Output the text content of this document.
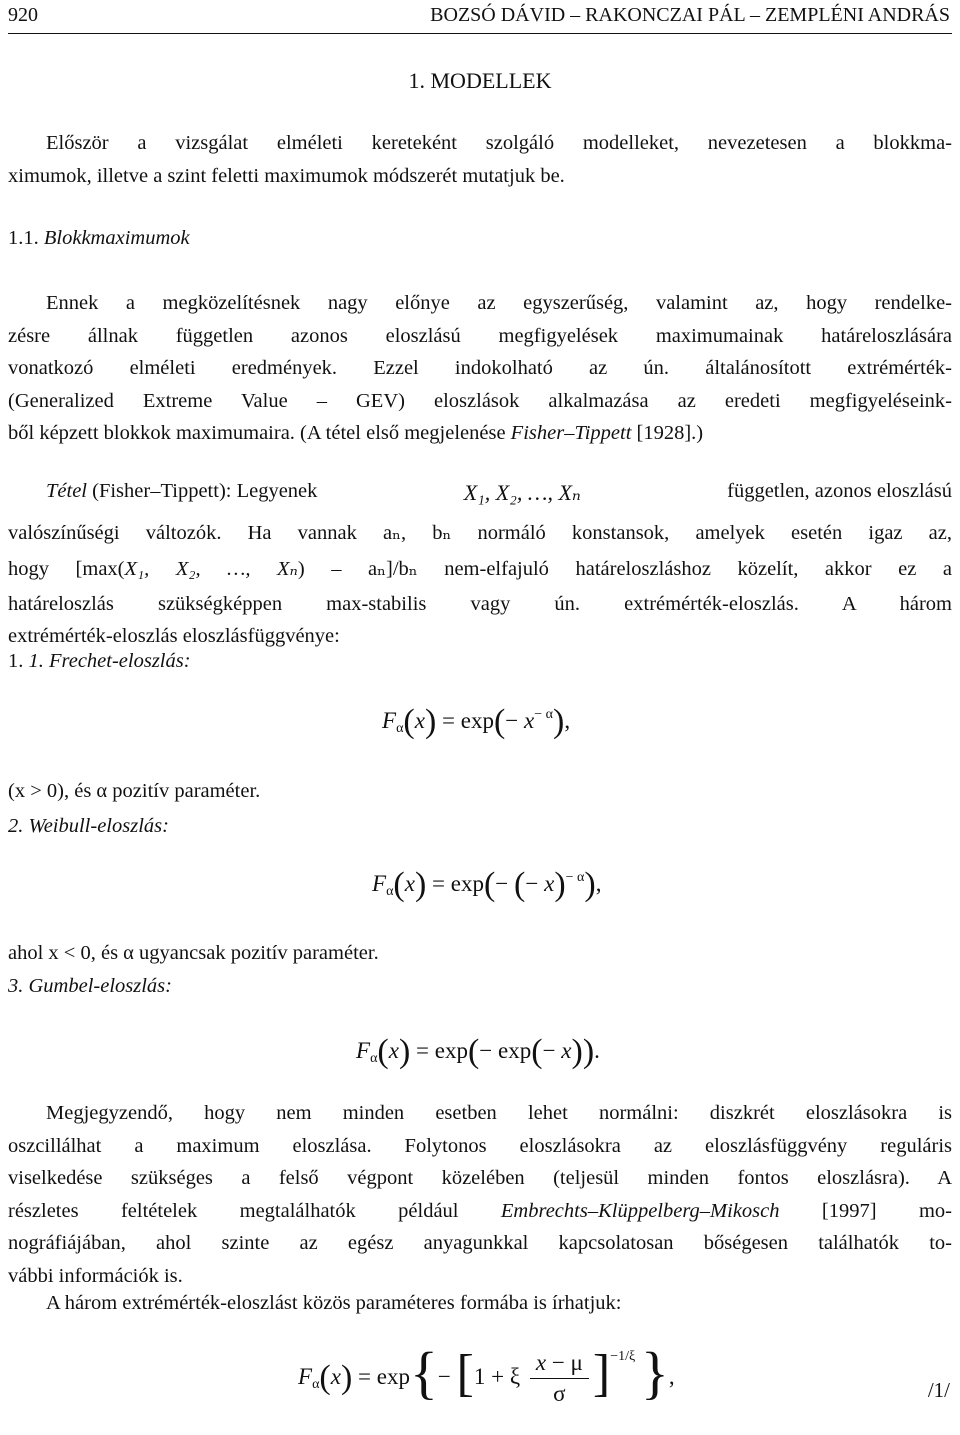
920	BOZSÓ DÁVID – RAKONCZAI PÁL – ZEMPLÉNI ANDRÁS
1. MODELLEK
Először a vizsgálat elméleti kereteként szolgáló modelleket, nevezetesen a blokkma-
ximumok, illetve a szint feletti maximumok módszerét mutatjuk be.
1.1. Blokkmaximumok
Ennek a megközelítésnek nagy előnye az egyszerűség, valamint az, hogy rendelke-
zésre állnak független azonos eloszlású megfigyelések maximumainak határeloszlására
vonatkozó elméleti eredmények. Ezzel indokolható az ún. általánosított extrémérték-
(Generalized Extreme Value – GEV) eloszlások alkalmazása az eredeti megfigyeléseink-
ből képzett blokkok maximumaira. (A tétel első megjelenése Fisher–Tippett [1928].)
Tétel (Fisher–Tippett): Legyenek	X₁, X₂, …, Xₙ	független, azonos eloszlású
valószínűségi változók. Ha vannak aₙ, bₙ normáló konstansok, amelyek esetén igaz az,
hogy [max(X₁, X₂, …, Xₙ) – aₙ]/bₙ nem-elfajuló határeloszláshoz közelít, akkor ez a
határeloszlás szükségképpen max-stabilis vagy ún. extrémérték-eloszlás. A három
extrémérték-eloszlás eloszlásfüggvénye:
1. 1. Frechet-eloszlás:
$F_\alpha(x) = \exp(- x^{- \alpha})$,
(x > 0), és α pozitív paraméter.
2. Weibull-eloszlás:
$F_\alpha(x) = \exp(-$ (− x)$^{- \alpha}$),
ahol x < 0, és α ugyancsak pozitív paraméter.
3. Gumbel-eloszlás:
$F_\alpha(x) = \exp(- \exp(- x))$.
Megjegyzendő, hogy nem minden esetben lehet normálni: diszkrét eloszlásokra is
oszcillálhat a maximum eloszlása. Folytonos eloszlásokra az eloszlásfüggvény reguláris
viselkedése szükséges a felső végpont közelében (teljesül minden fontos eloszlásra). A
részletes feltételek megtalálhatók például Embrechts–Klüppelberg–Mikosch [1997] mo-
nográfiájában, ahol szinte az egész anyagunkkal kapcsolatosan bőségesen találhatók to-
vábbi információk is.
A három extrémérték-eloszlást közös paraméteres formába is írhatjuk:
$F_\alpha(x) = \exp\{- [1 + \xi \frac{x - \mu}{\sigma} ]^{-1/\xi}$ },
/1/
